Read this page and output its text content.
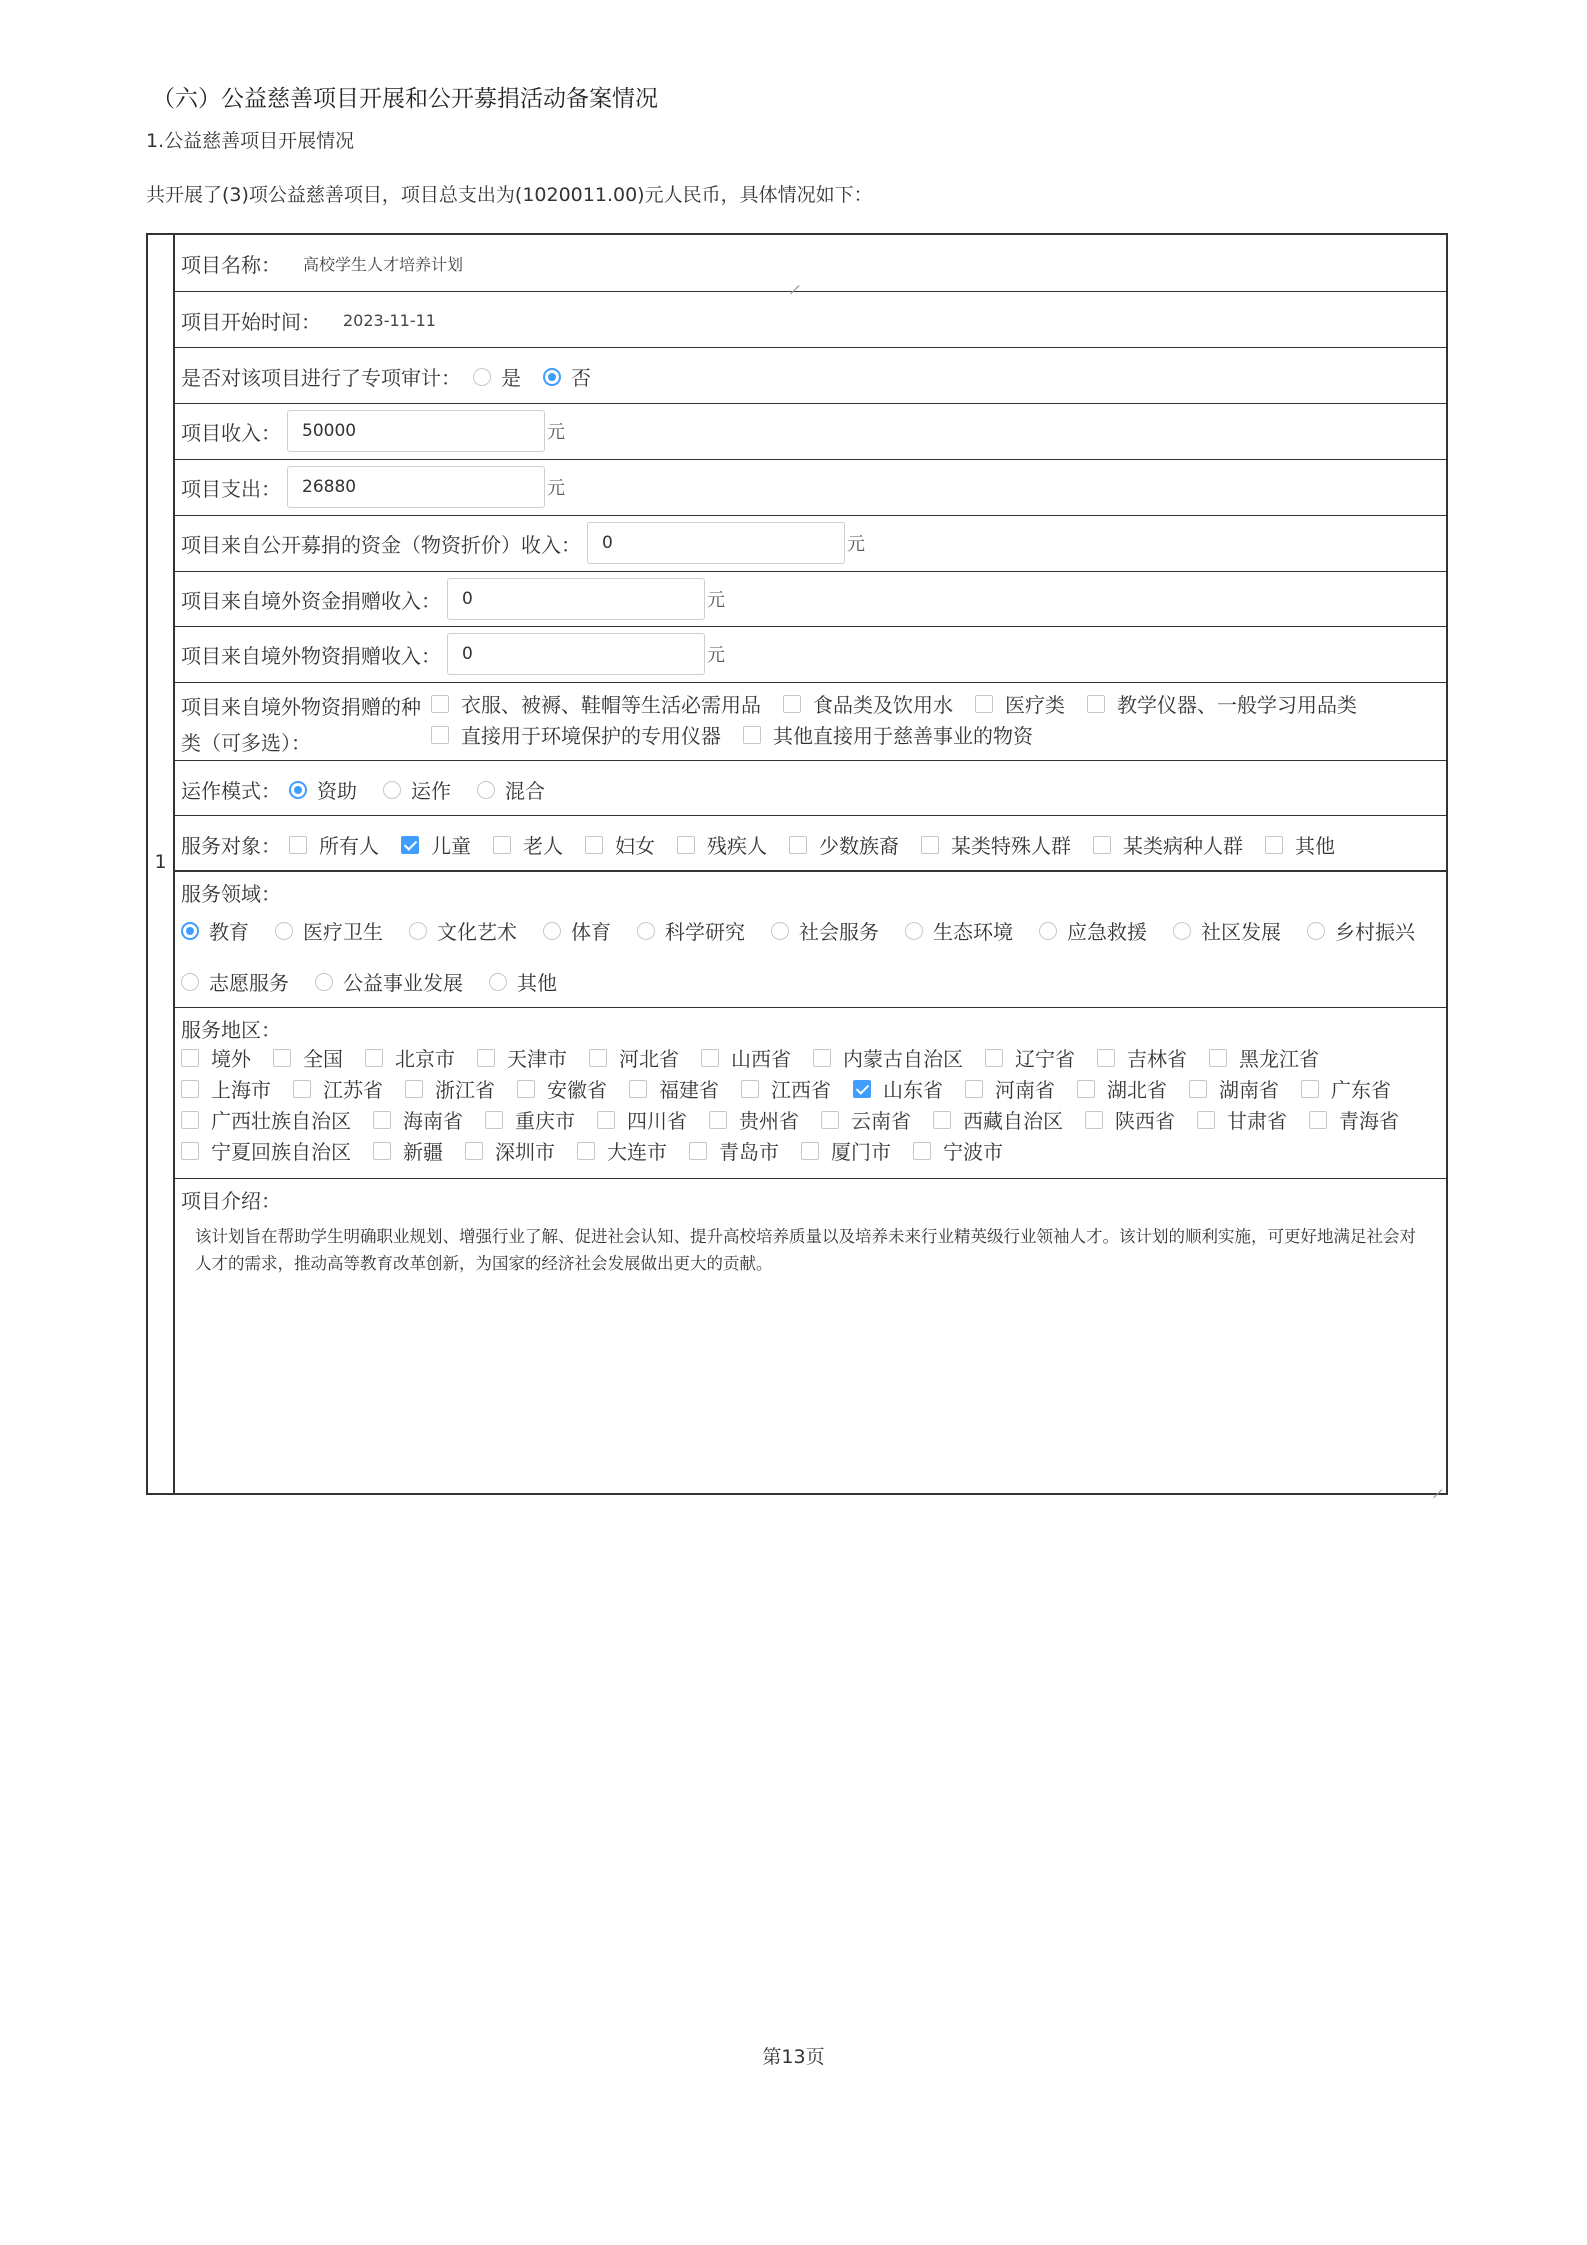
（六）公益慈善项目开展和公开募捐活动备案情况
1.公益慈善项目开展情况
共开展了(3)项公益慈善项目，项目总支出为(1020011.00)元人民币，具体情况如下：
1
项目名称： 高校学生人才培养计划
项目开始时间： 2023-11-11
是否对该项目进行了专项审计： 是	否
项目收入：	50000	元
项目支出：	26880	元
项目来自公开募捐的资金（物资折价）收入：	0	元
项目来自境外资金捐赠收入：	0	元
项目来自境外物资捐赠收入：	0	元
项目来自境外物资捐赠的种
类（可多选）：
衣服、被褥、鞋帽等生活必需用品	食品类及饮用水	医疗类	教学仪器、一般学习用品类
直接用于环境保护的专用仪器	其他直接用于慈善事业的物资
运作模式： 资助	运作	混合
服务对象： 所有人	儿童	老人	妇女	残疾人	少数族裔	某类特殊人群	某类病种人群	其他
服务领域：
教育	医疗卫生	文化艺术	体育	科学研究	社会服务	生态环境	应急救援	社区发展	乡村振兴
志愿服务	公益事业发展	其他
服务地区：
境外	全国	北京市	天津市	河北省	山西省	内蒙古自治区	辽宁省	吉林省	黑龙江省
上海市	江苏省	浙江省	安徽省	福建省	江西省	山东省	河南省	湖北省	湖南省	广东省
广西壮族自治区	海南省	重庆市	四川省	贵州省	云南省	西藏自治区	陕西省	甘肃省	青海省
宁夏回族自治区	新疆	深圳市	大连市	青岛市	厦门市	宁波市
项目介绍：
该计划旨在帮助学生明确职业规划、增强行业了解、促进社会认知、提升高校培养质量以及培养未来行业精英级行业领袖人才。该计划的顺利实施，可更好地满足社会对人才的需求，推动高等教育改革创新，为国家的经济社会发展做出更大的贡献。
第13页
